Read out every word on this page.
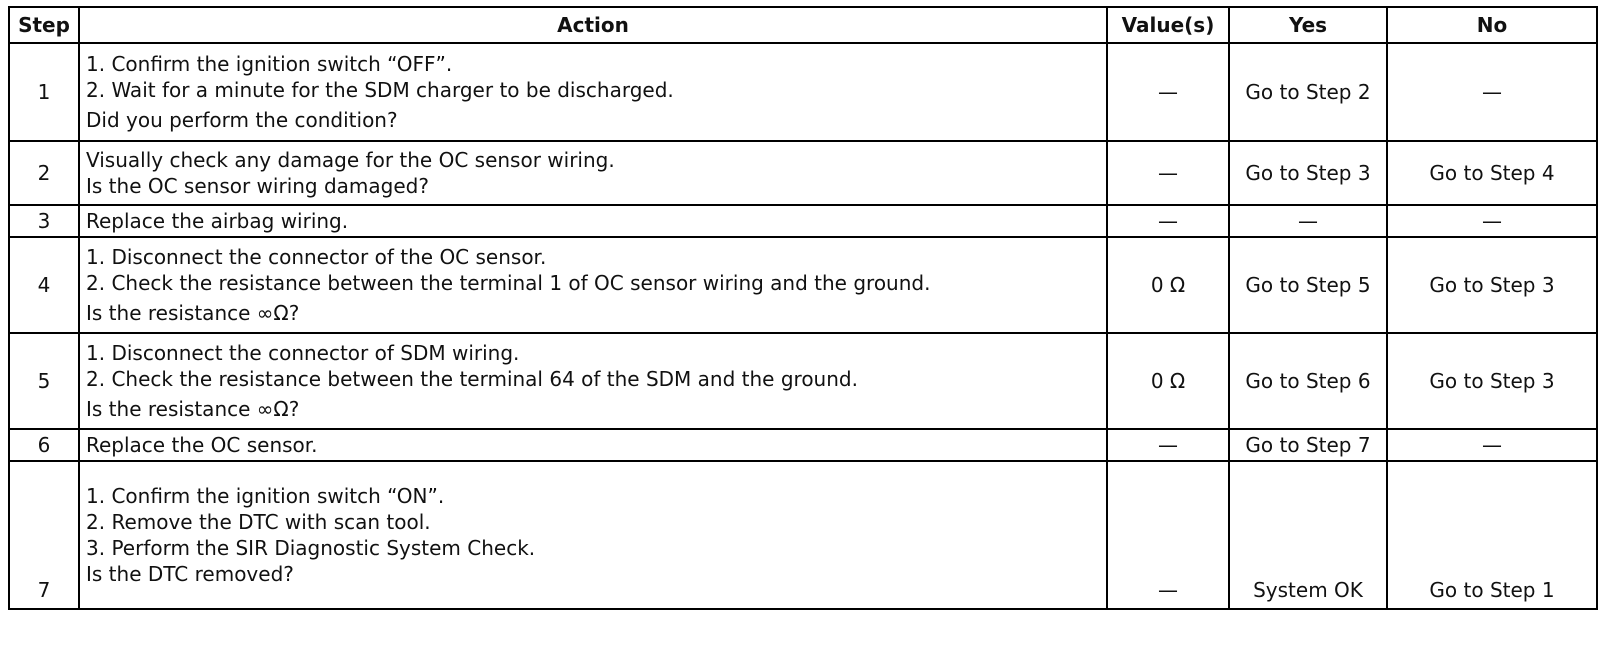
Step	Action	Value(s)	Yes	No
1	1. Confirm the ignition switch “OFF”.
2. Wait for a minute for the SDM charger to be discharged.
Did you perform the condition?	—	Go to Step 2	—
2	Visually check any damage for the OC sensor wiring.
Is the OC sensor wiring damaged?	—	Go to Step 3	Go to Step 4
3	Replace the airbag wiring.	—	—	—
4	1. Disconnect the connector of the OC sensor.
2. Check the resistance between the terminal 1 of OC sensor wiring and the ground.
Is the resistance ∞Ω?	0 Ω	Go to Step 5	Go to Step 3
5	1. Disconnect the connector of SDM wiring.
2. Check the resistance between the terminal 64 of the SDM and the ground.
Is the resistance ∞Ω?	0 Ω	Go to Step 6	Go to Step 3
6	Replace the OC sensor.	—	Go to Step 7	—
7	1. Confirm the ignition switch “ON”.
2. Remove the DTC with scan tool.
3. Perform the SIR Diagnostic System Check.
Is the DTC removed?	—	System OK	Go to Step 1
